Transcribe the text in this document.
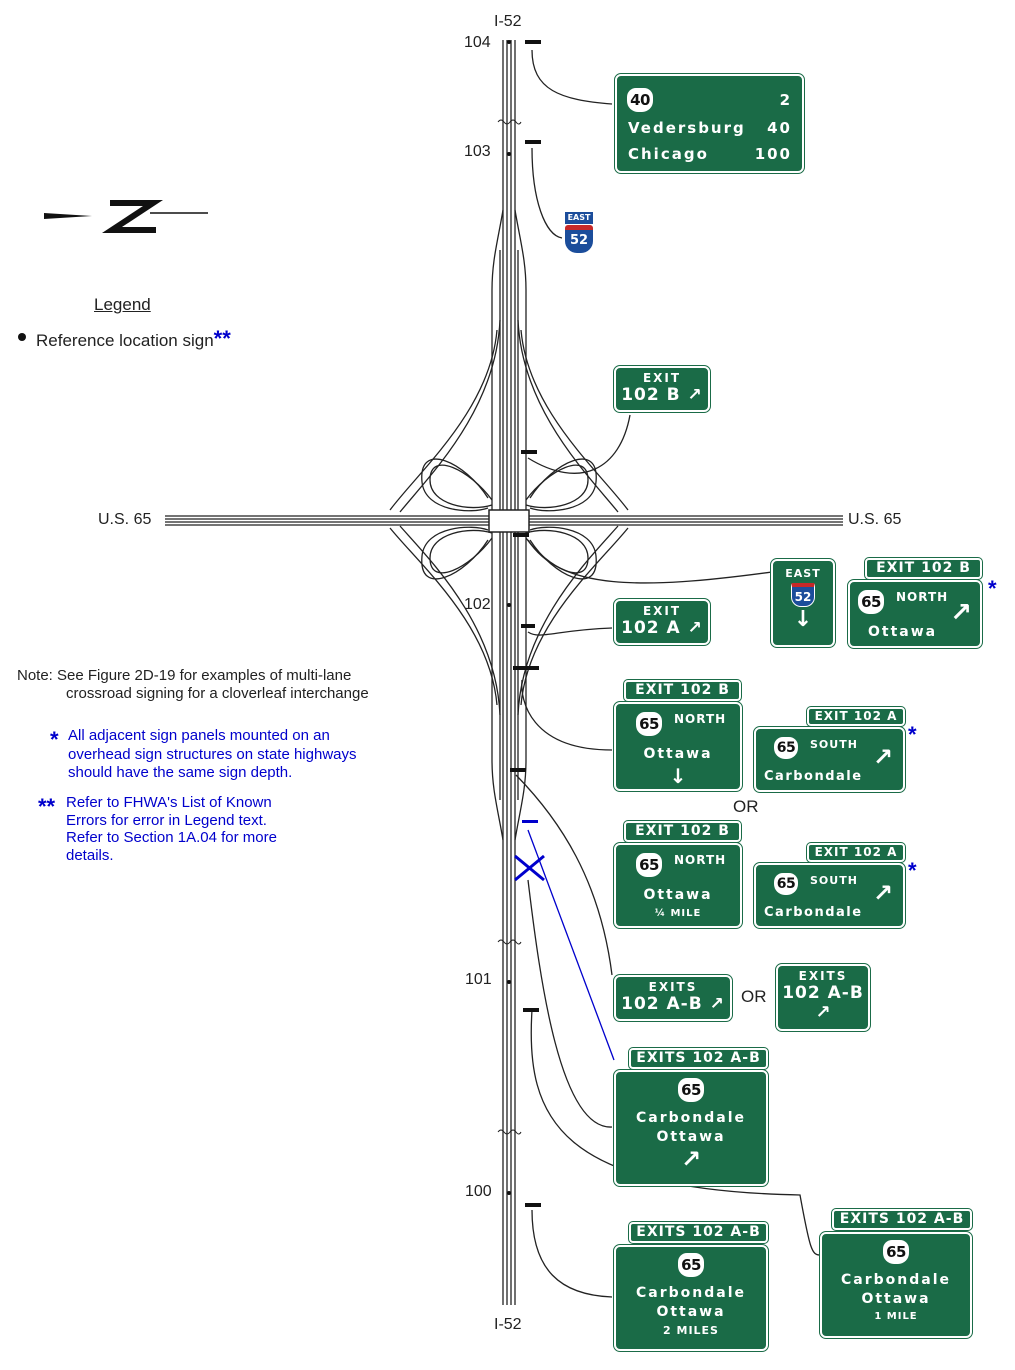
I-52
I-52
U.S. 65	U.S. 65
104
103
102
101
100
Legend
Reference location sign**
Note: See Figure 2D-19 for examples of multi-lane
crossroad signing for a cloverleaf interchange
* All adjacent sign panels mounted on an
overhead sign structures on state highways
should have the same sign depth.
** Refer to FHWA's List of Known
Errors for error in Legend text.
Refer to Section 1A.04 for more
details.
OR
OR
40	2
Vedersburg 40
Chicago	100
EAST
52
EXIT
102 B ↗
EXIT
102 A ↗
EAST
52
↓
EXIT 102 B
65 NORTH
Ottawa
↗
*
EXIT 102 B
65 NORTH
Ottawa
↓
EXIT 102 A
65 SOUTH
Carbondale
↗
*
EXIT 102 B
65 NORTH
Ottawa
¼ MILE
EXIT 102 A
65 SOUTH
Carbondale
↗
*
EXITS
102 A-B ↗
EXITS
102 A-B
↗
EXITS 102 A-B
65
Carbondale
Ottawa
↗
EXITS 102 A-B
65
Carbondale
Ottawa
1 MILE
EXITS 102 A-B
65
Carbondale
Ottawa
2 MILES
